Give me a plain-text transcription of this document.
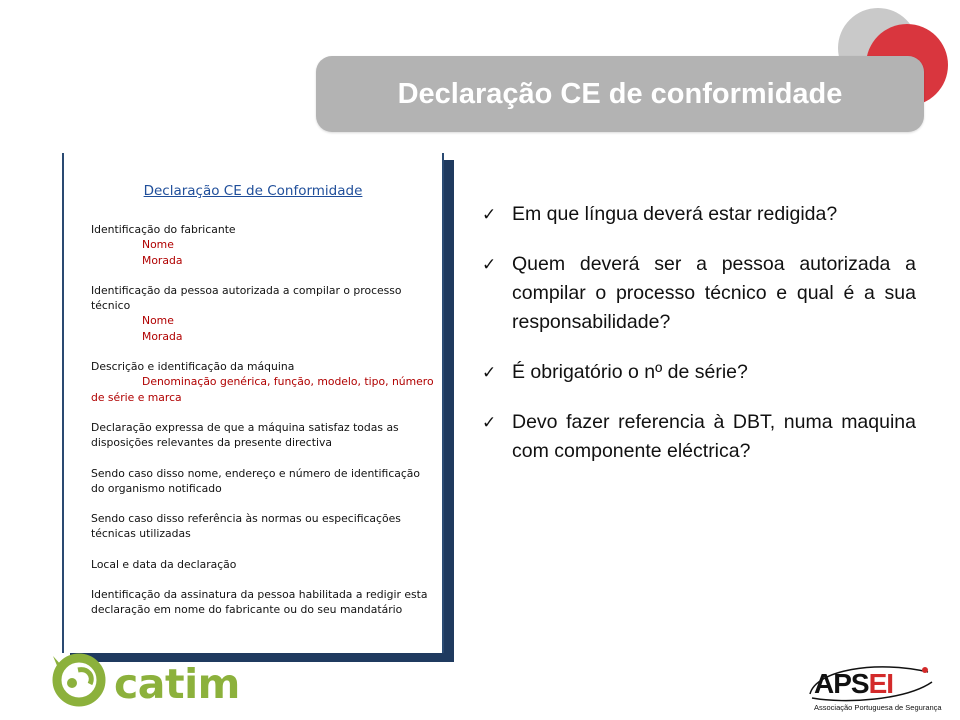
Declaração CE de conformidade
Declaração CE de Conformidade
Identificação do fabricante
Nome
Morada
Identificação da pessoa autorizada a compilar o processo técnico
Nome
Morada
Descrição e identificação da máquina
Denominação genérica, função, modelo, tipo, número de série e marca
Declaração expressa de que a máquina satisfaz todas as disposições relevantes da presente directiva
Sendo caso disso nome, endereço e número de identificação do organismo notificado
Sendo caso disso referência às normas ou especificações técnicas utilizadas
Local e data da declaração
Identificação da assinatura da pessoa habilitada a redigir esta declaração em nome do fabricante ou do seu mandatário
✓ Em que língua deverá estar redigida?
✓ Quem deverá ser a pessoa autorizada a compilar o processo técnico e qual é a sua responsabilidade?
✓ É obrigatório o nº de série?
✓ Devo fazer referencia à DBT, numa maquina com componente eléctrica?
catim	APSEI
Associação Portuguesa de Segurança
